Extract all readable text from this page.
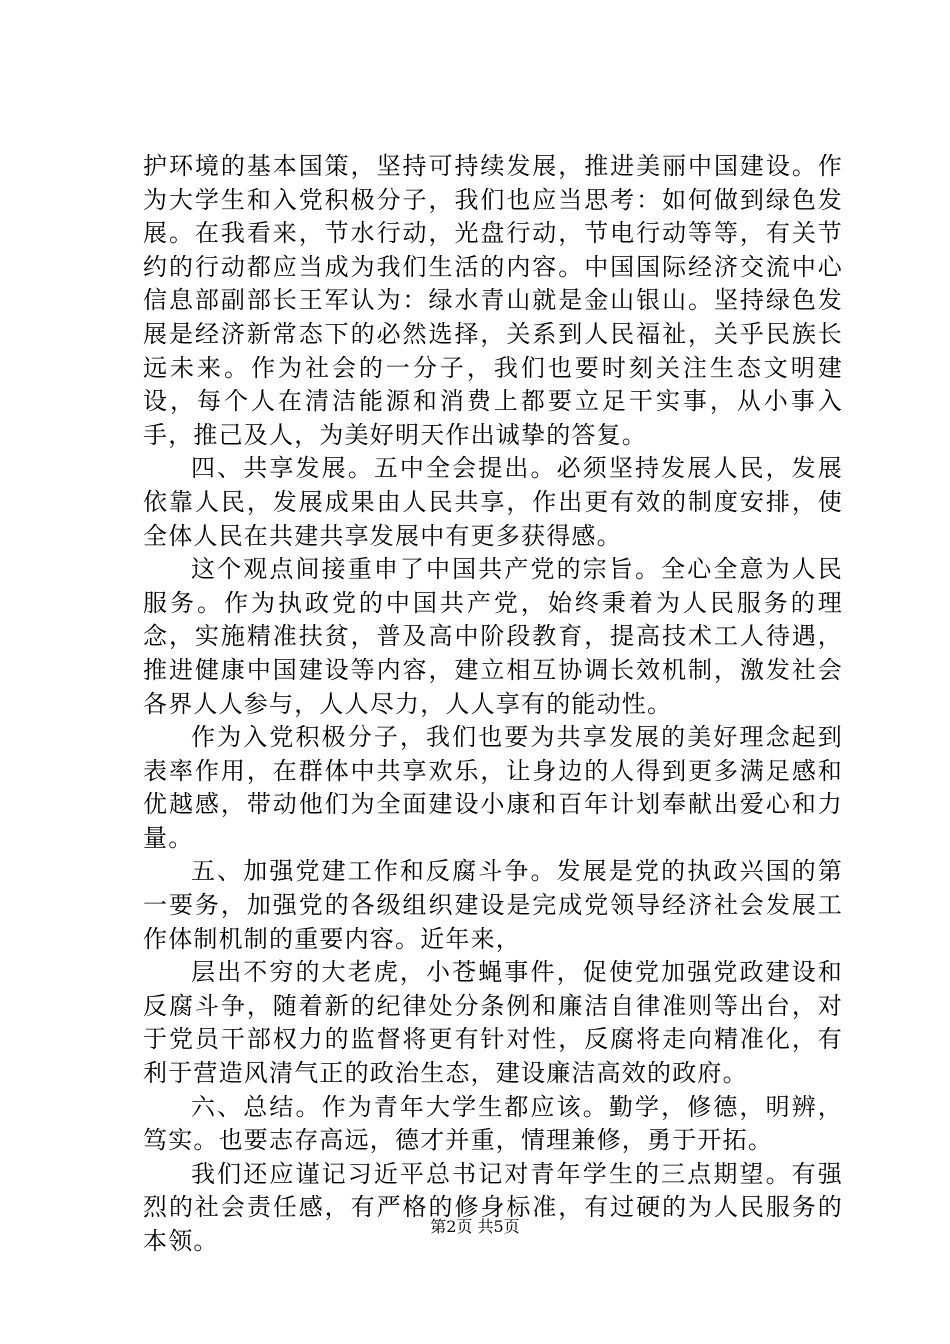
护环境的基本国策，坚持可持续发展，推进美丽中国建设。作为大学生和入党积极分子，我们也应当思考：如何做到绿色发展。在我看来，节水行动，光盘行动，节电行动等等，有关节约的行动都应当成为我们生活的内容。中国国际经济交流中心信息部副部长王军认为：绿水青山就是金山银山。坚持绿色发展是经济新常态下的必然选择，关系到人民福祉，关乎民族长远未来。作为社会的一分子，我们也要时刻关注生态文明建设，每个人在清洁能源和消费上都要立足干实事，从小事入手，推己及人，为美好明天作出诚挚的答复。

四、共享发展。五中全会提出。必须坚持发展人民，发展依靠人民，发展成果由人民共享，作出更有效的制度安排，使全体人民在共建共享发展中有更多获得感。

这个观点间接重申了中国共产党的宗旨。全心全意为人民服务。作为执政党的中国共产党，始终秉着为人民服务的理念，实施精准扶贫，普及高中阶段教育，提高技术工人待遇，推进健康中国建设等内容，建立相互协调长效机制，激发社会各界人人参与，人人尽力，人人享有的能动性。

作为入党积极分子，我们也要为共享发展的美好理念起到表率作用，在群体中共享欢乐，让身边的人得到更多满足感和优越感，带动他们为全面建设小康和百年计划奉献出爱心和力量。

五、加强党建工作和反腐斗争。发展是党的执政兴国的第一要务，加强党的各级组织建设是完成党领导经济社会发展工作体制机制的重要内容。近年来，

层出不穷的大老虎，小苍蝇事件，促使党加强党政建设和反腐斗争，随着新的纪律处分条例和廉洁自律准则等出台，对于党员干部权力的监督将更有针对性，反腐将走向精准化，有利于营造风清气正的政治生态，建设廉洁高效的政府。

六、总结。作为青年大学生都应该。勤学，修德，明辨，笃实。也要志存高远，德才并重，情理兼修，勇于开拓。

我们还应谨记习近平总书记对青年学生的三点期望。有强烈的社会责任感，有严格的修身标准，有过硬的为人民服务的本领。

第2页 共5页
